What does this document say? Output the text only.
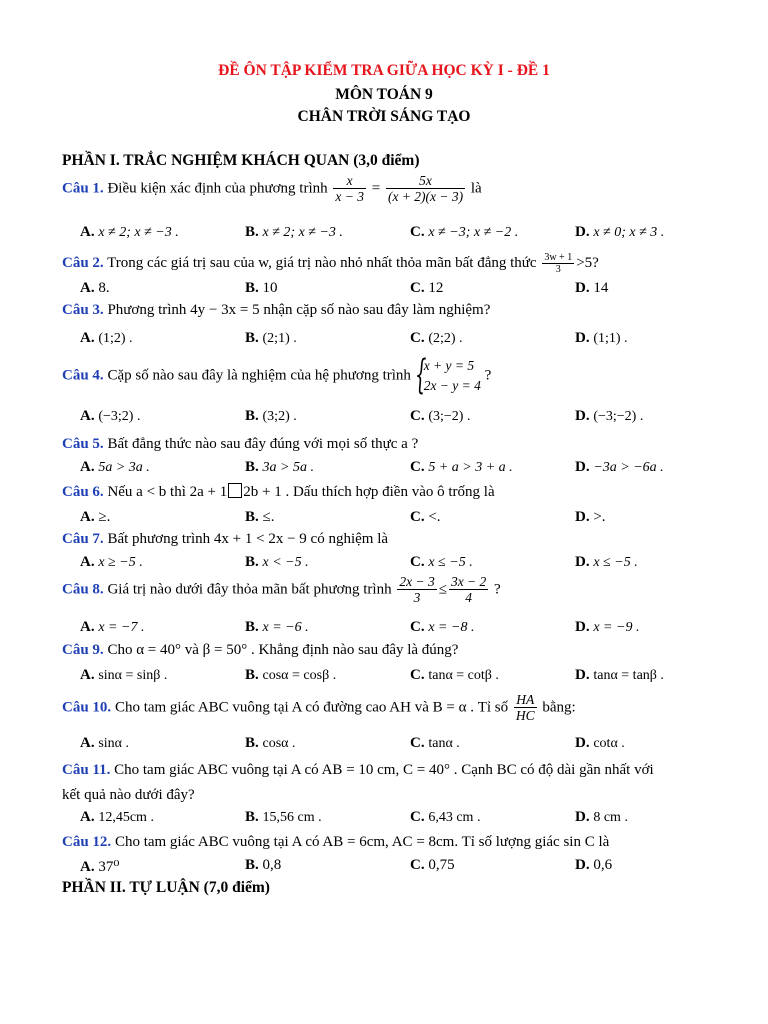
ĐỀ ÔN TẬP KIỂM TRA GIỮA HỌC KỲ I - ĐỀ 1
MÔN TOÁN 9
CHÂN TRỜI SÁNG TẠO
PHẦN I. TRẮC NGHIỆM KHÁCH QUAN (3,0 điểm)
Câu 1. Điều kiện xác định của phương trình $\frac{x}{x - 3} = \frac{5x}{(x + 2)(x - 3)}$ là
A. x ≠ 2; x ≠ −3 .	B. x ≠ 2; x ≠ −3 .	C. x ≠ −3; x ≠ −2 .	D. x ≠ 0; x ≠ 3 .
Câu 2. Trong các giá trị sau của w, giá trị nào nhỏ nhất thỏa mãn bất đẳng thức $\frac{3w + 1}{3} >5$?
A. 8.	B. 10	C. 12	D. 14
Câu 3. Phương trình 4y − 3x = 5 nhận cặp số nào sau đây làm nghiệm?
A. (1;2) .	B. (2;1) .	C. (2;2) .	D. (1;1) .
Câu 4. Cặp số nào sau đây là nghiệm của hệ phương trình {
x + y = 5
2x − y = 4
?
A. (−3;2) .	B. (3;2) .	C. (3;−2) .	D. (−3;−2) .
Câu 5. Bất đẳng thức nào sau đây đúng với mọi số thực a ?
A. 5a > 3a .	B. 3a > 5a .	C. 5 + a > 3 + a .	D. −3a > −6a .
Câu 6. Nếu a < b thì 2a + 1 2b + 1 . Dấu thích hợp điền vào ô trống là
A. ≥.	B. ≤.	C. <.	D. >.
Câu 7. Bất phương trình 4x + 1 < 2x − 9 có nghiệm là
A. x ≥ −5 .	B. x < −5 .	C. x ≤ −5 .	D. x ≤ −5 .
Câu 8. Giá trị nào dưới đây thỏa mãn bất phương trình $\frac{2x - 3}{3} \le \frac{3x - 2}{4}$ ?
A. x = −7 .	B. x = −6 .	C. x = −8 .	D. x = −9 .
Câu 9. Cho α = 40° và β = 50° . Khẳng định nào sau đây là đúng?
A. sinα = sinβ .	B. cosα = cosβ .	C. tanα = cotβ .	D. tanα = tanβ .
Câu 10. Cho tam giác ABC vuông tại A có đường cao AH và B = α . Tỉ số $\frac{HA}{HC}$ bằng:
A. sinα .	B. cosα .	C. tanα .	D. cotα .
Câu 11. Cho tam giác ABC vuông tại A có AB = 10 cm, C = 40° . Cạnh BC có độ dài gần nhất với
kết quả nào dưới đây?
A. 12,45cm .	B. 15,56 cm .	C. 6,43 cm .	D. 8 cm .
Câu 12. Cho tam giác ABC vuông tại A có AB = 6cm, AC = 8cm. Tỉ số lượng giác sin C là
A. 37⁰	B. 0,8	C. 0,75	D. 0,6
PHẦN II. TỰ LUẬN (7,0 điểm)
